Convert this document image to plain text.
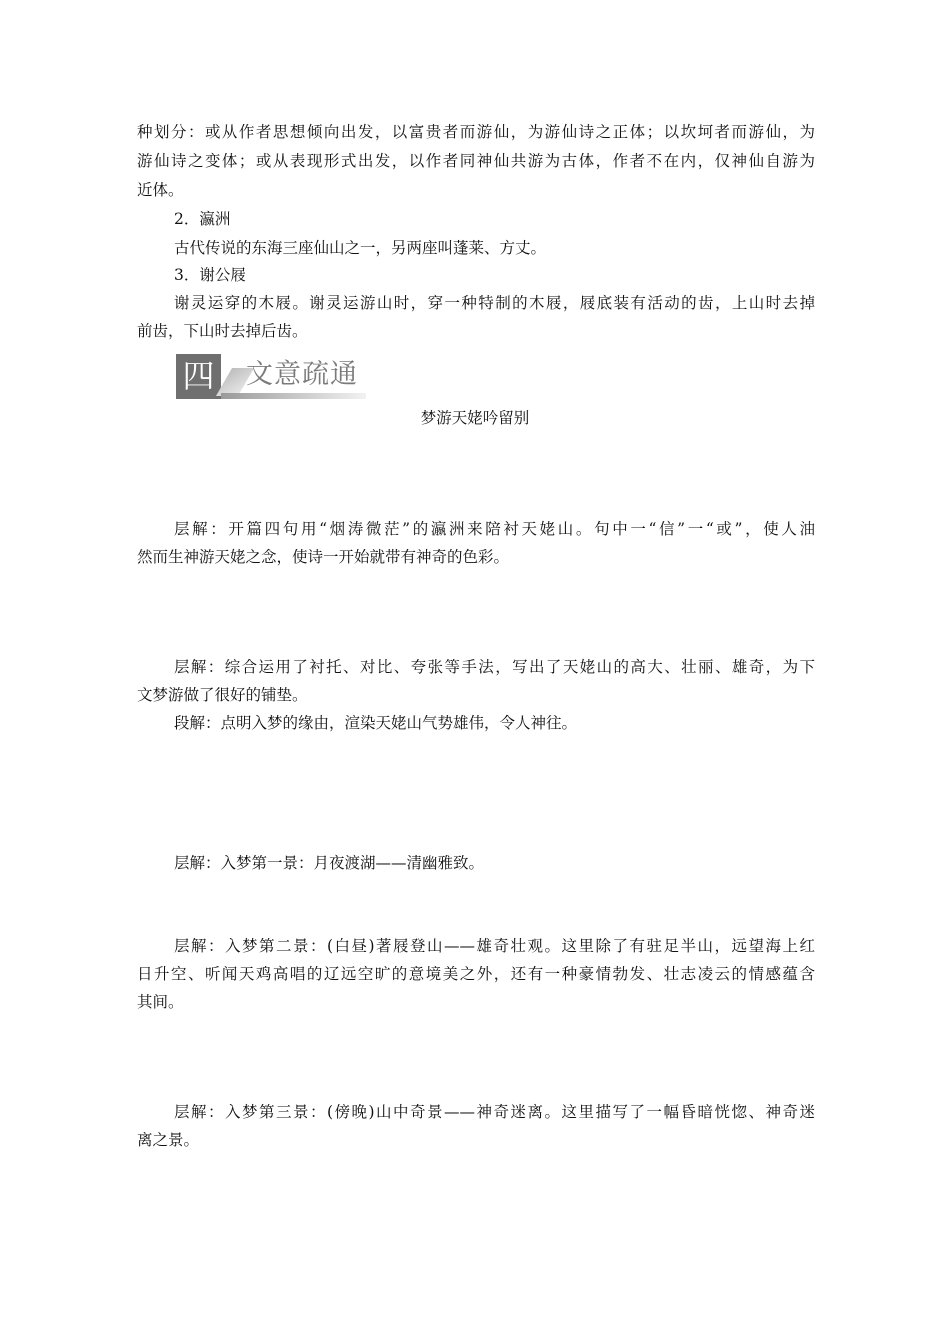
种划分：或从作者思想倾向出发，以富贵者而游仙，为游仙诗之正体；以坎坷者而游仙，为
游仙诗之变体；或从表现形式出发，以作者同神仙共游为古体，作者不在内，仅神仙自游为
近体。
2．瀛洲
古代传说的东海三座仙山之一，另两座叫蓬莱、方丈。
3．谢公屐
谢灵运穿的木屐。谢灵运游山时，穿一种特制的木屐，屐底装有活动的齿，上山时去掉
前齿，下山时去掉后齿。
四 文意疏通
梦游天姥吟留别
层解：开篇四句用“烟涛微茫”的瀛洲来陪衬天姥山。句中一“信”一“或”，使人油
然而生神游天姥之念，使诗一开始就带有神奇的色彩。
层解：综合运用了衬托、对比、夸张等手法，写出了天姥山的高大、壮丽、雄奇，为下
文梦游做了很好的铺垫。
段解：点明入梦的缘由，渲染天姥山气势雄伟，令人神往。
层解：入梦第一景：月夜渡湖——清幽雅致。
层解：入梦第二景：(白昼)著屐登山——雄奇壮观。这里除了有驻足半山，远望海上红
日升空、听闻天鸡高唱的辽远空旷的意境美之外，还有一种豪情勃发、壮志凌云的情感蕴含
其间。
层解：入梦第三景：(傍晚)山中奇景——神奇迷离。这里描写了一幅昏暗恍惚、神奇迷
离之景。
